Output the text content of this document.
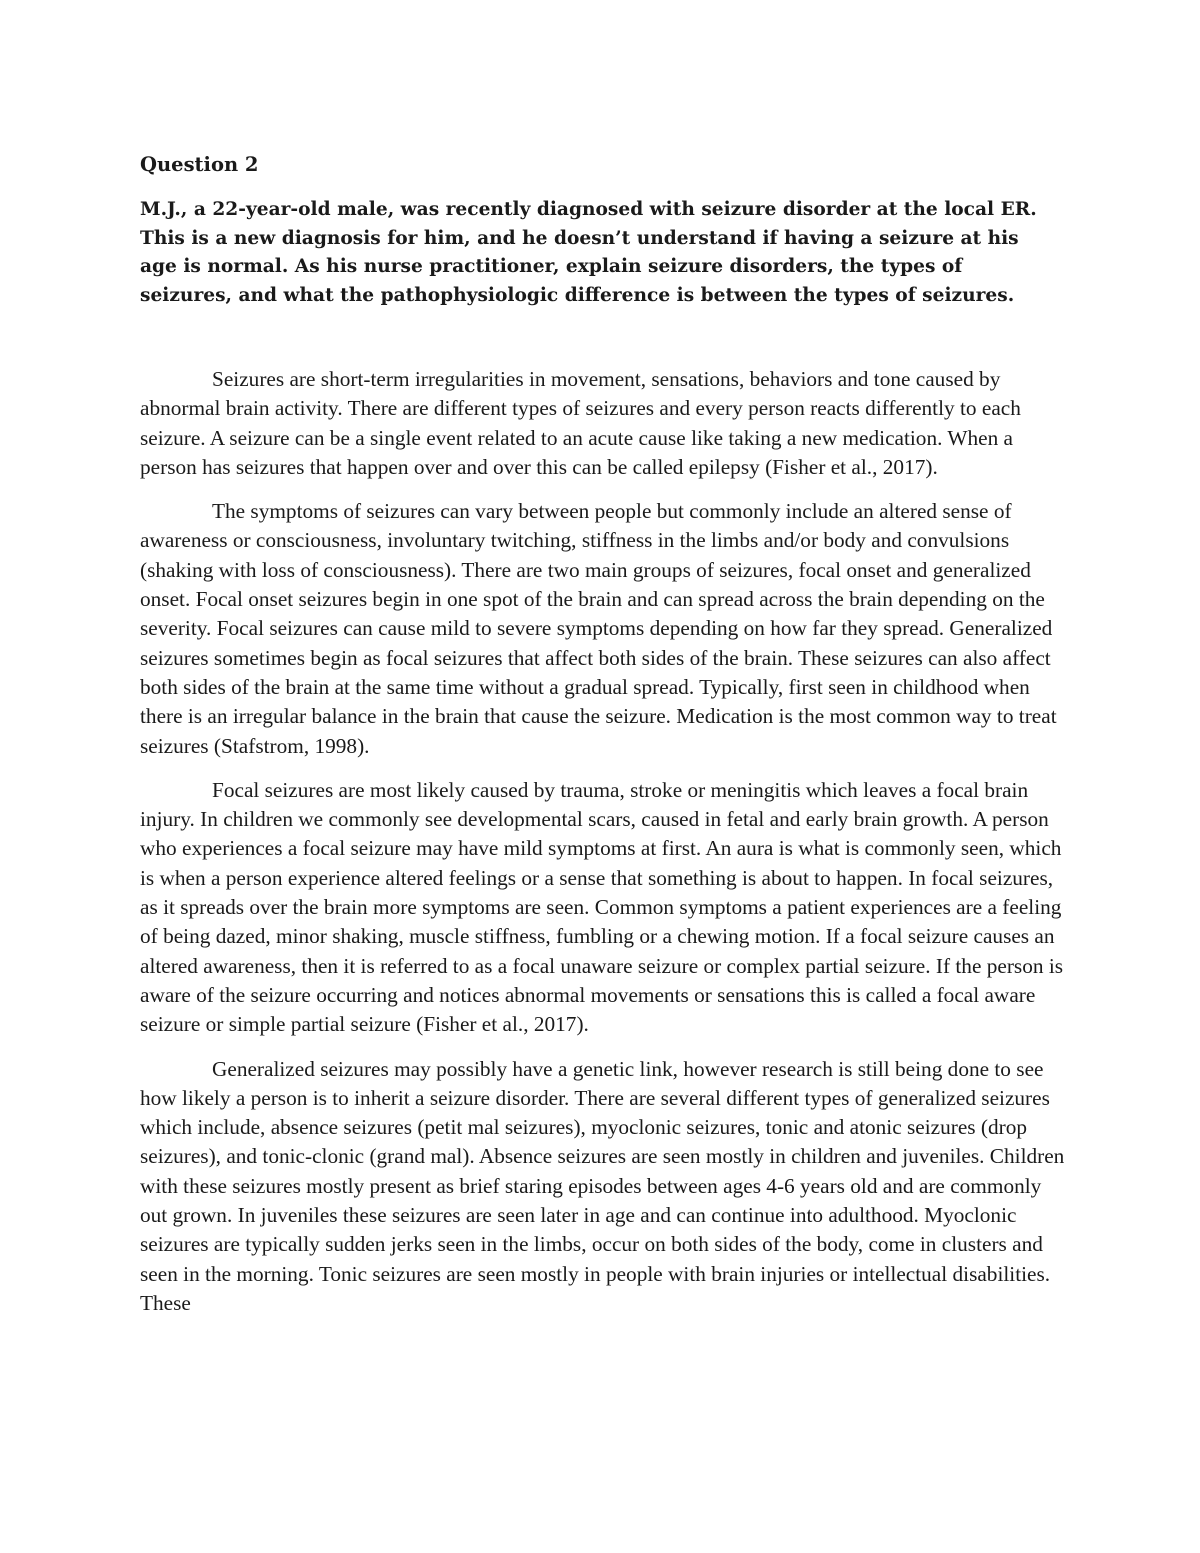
Question 2

M.J., a 22-year-old male, was recently diagnosed with seizure disorder at the local ER. This is a new diagnosis for him, and he doesn’t understand if having a seizure at his age is normal. As his nurse practitioner, explain seizure disorders, the types of seizures, and what the pathophysiologic difference is between the types of seizures.

Seizures are short-term irregularities in movement, sensations, behaviors and tone caused by abnormal brain activity. There are different types of seizures and every person reacts differently to each seizure. A seizure can be a single event related to an acute cause like taking a new medication. When a person has seizures that happen over and over this can be called epilepsy (Fisher et al., 2017).

The symptoms of seizures can vary between people but commonly include an altered sense of awareness or consciousness, involuntary twitching, stiffness in the limbs and/or body and convulsions (shaking with loss of consciousness). There are two main groups of seizures, focal onset and generalized onset. Focal onset seizures begin in one spot of the brain and can spread across the brain depending on the severity. Focal seizures can cause mild to severe symptoms depending on how far they spread. Generalized seizures sometimes begin as focal seizures that affect both sides of the brain. These seizures can also affect both sides of the brain at the same time without a gradual spread. Typically, first seen in childhood when there is an irregular balance in the brain that cause the seizure. Medication is the most common way to treat seizures (Stafstrom, 1998).

Focal seizures are most likely caused by trauma, stroke or meningitis which leaves a focal brain injury. In children we commonly see developmental scars, caused in fetal and early brain growth. A person who experiences a focal seizure may have mild symptoms at first. An aura is what is commonly seen, which is when a person experience altered feelings or a sense that something is about to happen. In focal seizures, as it spreads over the brain more symptoms are seen. Common symptoms a patient experiences are a feeling of being dazed, minor shaking, muscle stiffness, fumbling or a chewing motion. If a focal seizure causes an altered awareness, then it is referred to as a focal unaware seizure or complex partial seizure. If the person is aware of the seizure occurring and notices abnormal movements or sensations this is called a focal aware seizure or simple partial seizure (Fisher et al., 2017).

Generalized seizures may possibly have a genetic link, however research is still being done to see how likely a person is to inherit a seizure disorder. There are several different types of generalized seizures which include, absence seizures (petit mal seizures), myoclonic seizures, tonic and atonic seizures (drop seizures), and tonic-clonic (grand mal). Absence seizures are seen mostly in children and juveniles. Children with these seizures mostly present as brief staring episodes between ages 4-6 years old and are commonly out grown. In juveniles these seizures are seen later in age and can continue into adulthood. Myoclonic seizures are typically sudden jerks seen in the limbs, occur on both sides of the body, come in clusters and seen in the morning. Tonic seizures are seen mostly in people with brain injuries or intellectual disabilities. These
